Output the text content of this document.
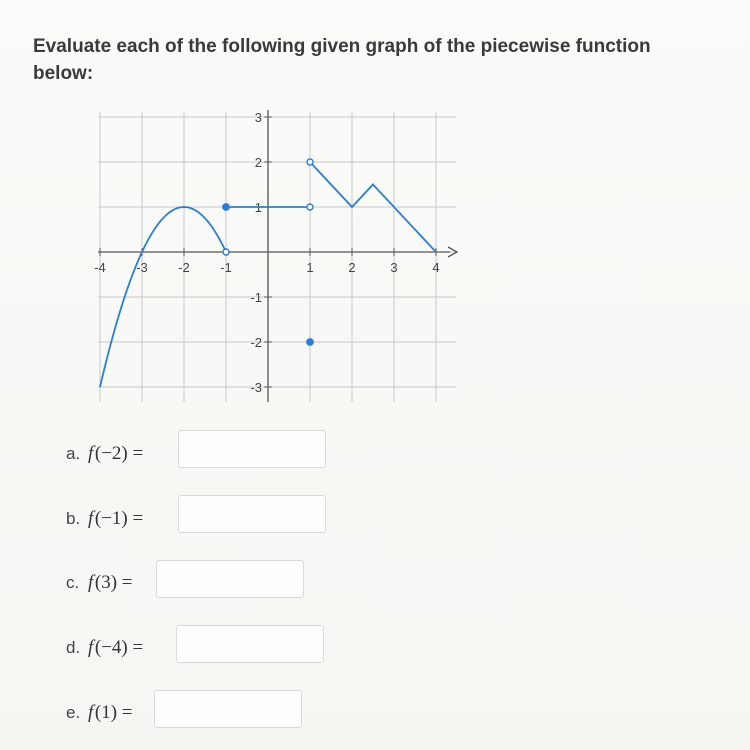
Evaluate each of the following given graph of the piecewise function below:
-4 -3 -2 -1	1	2	3	4
3
2
1
-1
-2
-3
a. f (−2) =
b. f (−1) =
c. f (3) =
d. f (−4) =
e. f (1) =
